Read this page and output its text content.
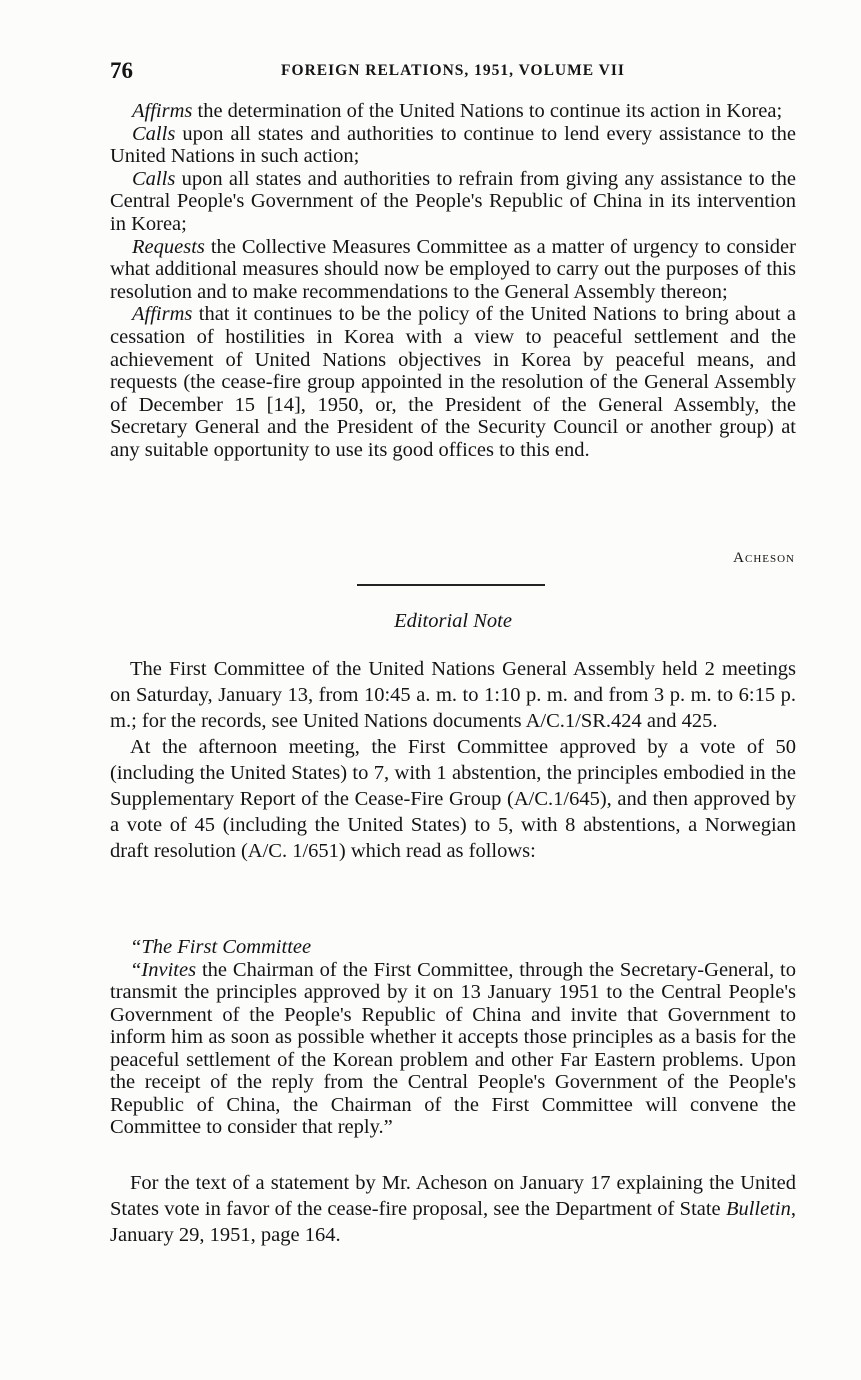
76	FOREIGN RELATIONS, 1951, VOLUME VII

Affirms the determination of the United Nations to continue its action in Korea;

Calls upon all states and authorities to continue to lend every assistance to the United Nations in such action;

Calls upon all states and authorities to refrain from giving any assistance to the Central People's Government of the People's Republic of China in its intervention in Korea;

Requests the Collective Measures Committee as a matter of urgency to consider what additional measures should now be employed to carry out the purposes of this resolution and to make recommendations to the General Assembly thereon;

Affirms that it continues to be the policy of the United Nations to bring about a cessation of hostilities in Korea with a view to peaceful settlement and the achievement of United Nations objectives in Korea by peaceful means, and requests (the cease-fire group appointed in the resolution of the General Assembly of December 15 [14], 1950, or, the President of the General Assembly, the Secretary General and the President of the Security Council or another group) at any suitable opportunity to use its good offices to this end.

Acheson
Editorial Note

The First Committee of the United Nations General Assembly held 2 meetings on Saturday, January 13, from 10:45 a. m. to 1:10 p. m. and from 3 p. m. to 6:15 p. m.; for the records, see United Nations documents A/C.1/SR.424 and 425.

At the afternoon meeting, the First Committee approved by a vote of 50 (including the United States) to 7, with 1 abstention, the principles embodied in the Supplementary Report of the Cease-Fire Group (A/C.1/645), and then approved by a vote of 45 (including the United States) to 5, with 8 abstentions, a Norwegian draft resolution (A/C. 1/651) which read as follows:

“The First Committee

“Invites the Chairman of the First Committee, through the Secretary-General, to transmit the principles approved by it on 13 January 1951 to the Central People's Government of the People's Republic of China and invite that Government to inform him as soon as possible whether it accepts those principles as a basis for the peaceful settlement of the Korean problem and other Far Eastern problems. Upon the receipt of the reply from the Central People's Government of the People's Republic of China, the Chairman of the First Committee will convene the Committee to consider that reply.”

For the text of a statement by Mr. Acheson on January 17 explaining the United States vote in favor of the cease-fire proposal, see the Department of State Bulletin, January 29, 1951, page 164.
